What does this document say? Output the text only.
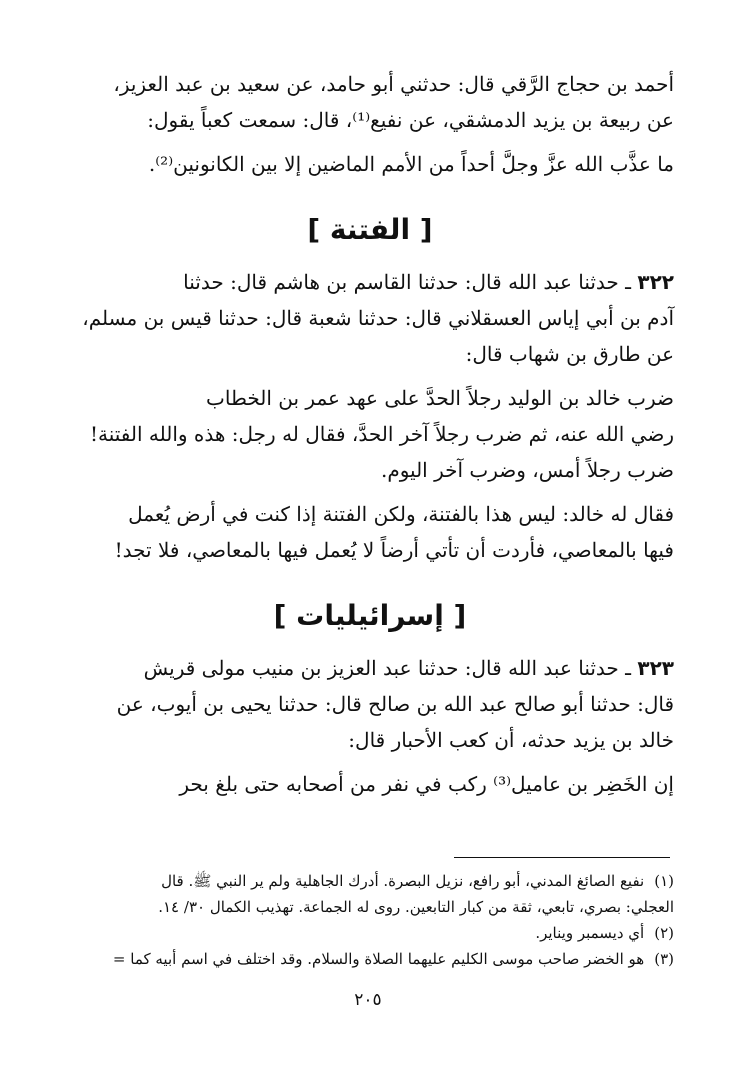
أحمد بن حجاج الرَّقي قال: حدثني أبو حامد، عن سعيد بن عبد العزيز،
عن ربيعة بن يزيد الدمشقي، عن نفيع⁽¹⁾، قال: سمعت كعباً يقول:
ما عذَّب الله عزَّ وجلَّ أحداً من الأمم الماضين إلا بين الكانونين⁽²⁾.
[ الفتنة ]
٣٢٢ ـ حدثنا عبد الله قال: حدثنا القاسم بن هاشم قال: حدثنا
آدم بن أبي إياس العسقلاني قال: حدثنا شعبة قال: حدثنا قيس بن مسلم،
عن طارق بن شهاب قال:
ضرب خالد بن الوليد رجلاً الحدَّ على عهد عمر بن الخطاب
رضي الله عنه، ثم ضرب رجلاً آخر الحدَّ، فقال له رجل: هذه والله الفتنة!
ضرب رجلاً أمس، وضرب آخر اليوم.
فقال له خالد: ليس هذا بالفتنة، ولكن الفتنة إذا كنت في أرض يُعمل
فيها بالمعاصي، فأردت أن تأتي أرضاً لا يُعمل فيها بالمعاصي، فلا تجد!
[ إسرائيليات ]
٣٢٣ ـ حدثنا عبد الله قال: حدثنا عبد العزيز بن منيب مولى قريش
قال: حدثنا أبو صالح عبد الله بن صالح قال: حدثنا يحيى بن أيوب، عن
خالد بن يزيد حدثه، أن كعب الأحبار قال:
إن الخَضِر بن عاميل⁽³⁾ ركب في نفر من أصحابه حتى بلغ بحر
(١)نفيع الصائغ المدني، أبو رافع، نزيل البصرة. أدرك الجاهلية ولم ير النبي ﷺ. قال
العجلي: بصري، تابعي، ثقة من كبار التابعين. روى له الجماعة. تهذيب الكمال ٣٠/ ١٤.
(٢)أي ديسمبر ويناير.
(٣)هو الخضر صاحب موسى الكليم عليهما الصلاة والسلام. وقد اختلف في اسم أبيه كما =
٢٠٥
